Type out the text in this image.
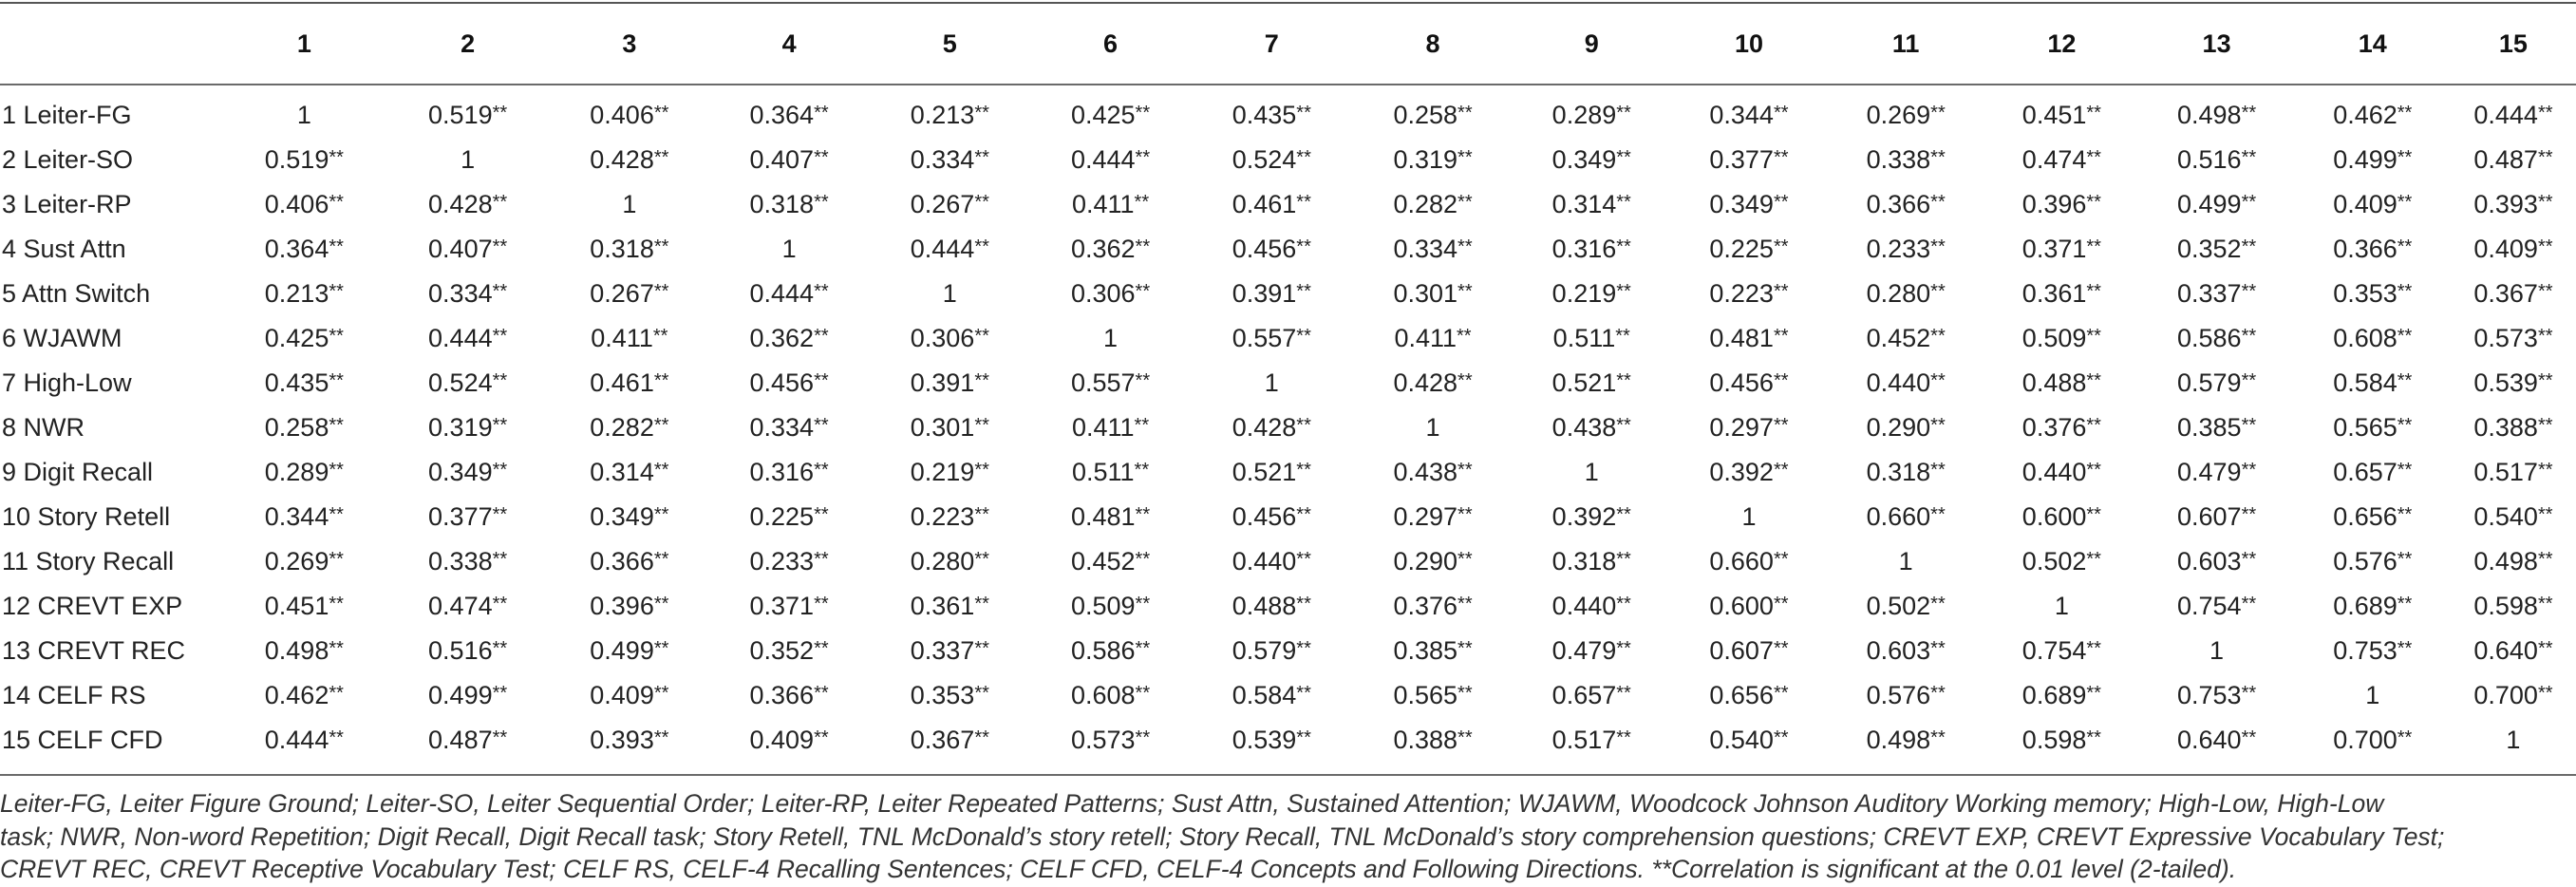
	1	2	3	4	5	6	7	8	9	10	11	12	13	14	15
1 Leiter-FG	1	0.519**	0.406**	0.364**	0.213**	0.425**	0.435**	0.258**	0.289**	0.344**	0.269**	0.451**	0.498**	0.462**	0.444**
2 Leiter-SO	0.519**	1	0.428**	0.407**	0.334**	0.444**	0.524**	0.319**	0.349**	0.377**	0.338**	0.474**	0.516**	0.499**	0.487**
3 Leiter-RP	0.406**	0.428**	1	0.318**	0.267**	0.411**	0.461**	0.282**	0.314**	0.349**	0.366**	0.396**	0.499**	0.409**	0.393**
4 Sust Attn	0.364**	0.407**	0.318**	1	0.444**	0.362**	0.456**	0.334**	0.316**	0.225**	0.233**	0.371**	0.352**	0.366**	0.409**
5 Attn Switch	0.213**	0.334**	0.267**	0.444**	1	0.306**	0.391**	0.301**	0.219**	0.223**	0.280**	0.361**	0.337**	0.353**	0.367**
6 WJAWM	0.425**	0.444**	0.411**	0.362**	0.306**	1	0.557**	0.411**	0.511**	0.481**	0.452**	0.509**	0.586**	0.608**	0.573**
7 High-Low	0.435**	0.524**	0.461**	0.456**	0.391**	0.557**	1	0.428**	0.521**	0.456**	0.440**	0.488**	0.579**	0.584**	0.539**
8 NWR	0.258**	0.319**	0.282**	0.334**	0.301**	0.411**	0.428**	1	0.438**	0.297**	0.290**	0.376**	0.385**	0.565**	0.388**
9 Digit Recall	0.289**	0.349**	0.314**	0.316**	0.219**	0.511**	0.521**	0.438**	1	0.392**	0.318**	0.440**	0.479**	0.657**	0.517**
10 Story Retell	0.344**	0.377**	0.349**	0.225**	0.223**	0.481**	0.456**	0.297**	0.392**	1	0.660**	0.600**	0.607**	0.656**	0.540**
11 Story Recall	0.269**	0.338**	0.366**	0.233**	0.280**	0.452**	0.440**	0.290**	0.318**	0.660**	1	0.502**	0.603**	0.576**	0.498**
12 CREVT EXP	0.451**	0.474**	0.396**	0.371**	0.361**	0.509**	0.488**	0.376**	0.440**	0.600**	0.502**	1	0.754**	0.689**	0.598**
13 CREVT REC	0.498**	0.516**	0.499**	0.352**	0.337**	0.586**	0.579**	0.385**	0.479**	0.607**	0.603**	0.754**	1	0.753**	0.640**
14 CELF RS	0.462**	0.499**	0.409**	0.366**	0.353**	0.608**	0.584**	0.565**	0.657**	0.656**	0.576**	0.689**	0.753**	1	0.700**
15 CELF CFD	0.444**	0.487**	0.393**	0.409**	0.367**	0.573**	0.539**	0.388**	0.517**	0.540**	0.498**	0.598**	0.640**	0.700**	1
Leiter-FG, Leiter Figure Ground; Leiter-SO, Leiter Sequential Order; Leiter-RP, Leiter Repeated Patterns; Sust Attn, Sustained Attention; WJAWM, Woodcock Johnson Auditory Working memory; High-Low, High-Low
task; NWR, Non-word Repetition; Digit Recall, Digit Recall task; Story Retell, TNL McDonald’s story retell; Story Recall, TNL McDonald’s story comprehension questions; CREVT EXP, CREVT Expressive Vocabulary Test;
CREVT REC, CREVT Receptive Vocabulary Test; CELF RS, CELF-4 Recalling Sentences; CELF CFD, CELF-4 Concepts and Following Directions. **Correlation is significant at the 0.01 level (2-tailed).
